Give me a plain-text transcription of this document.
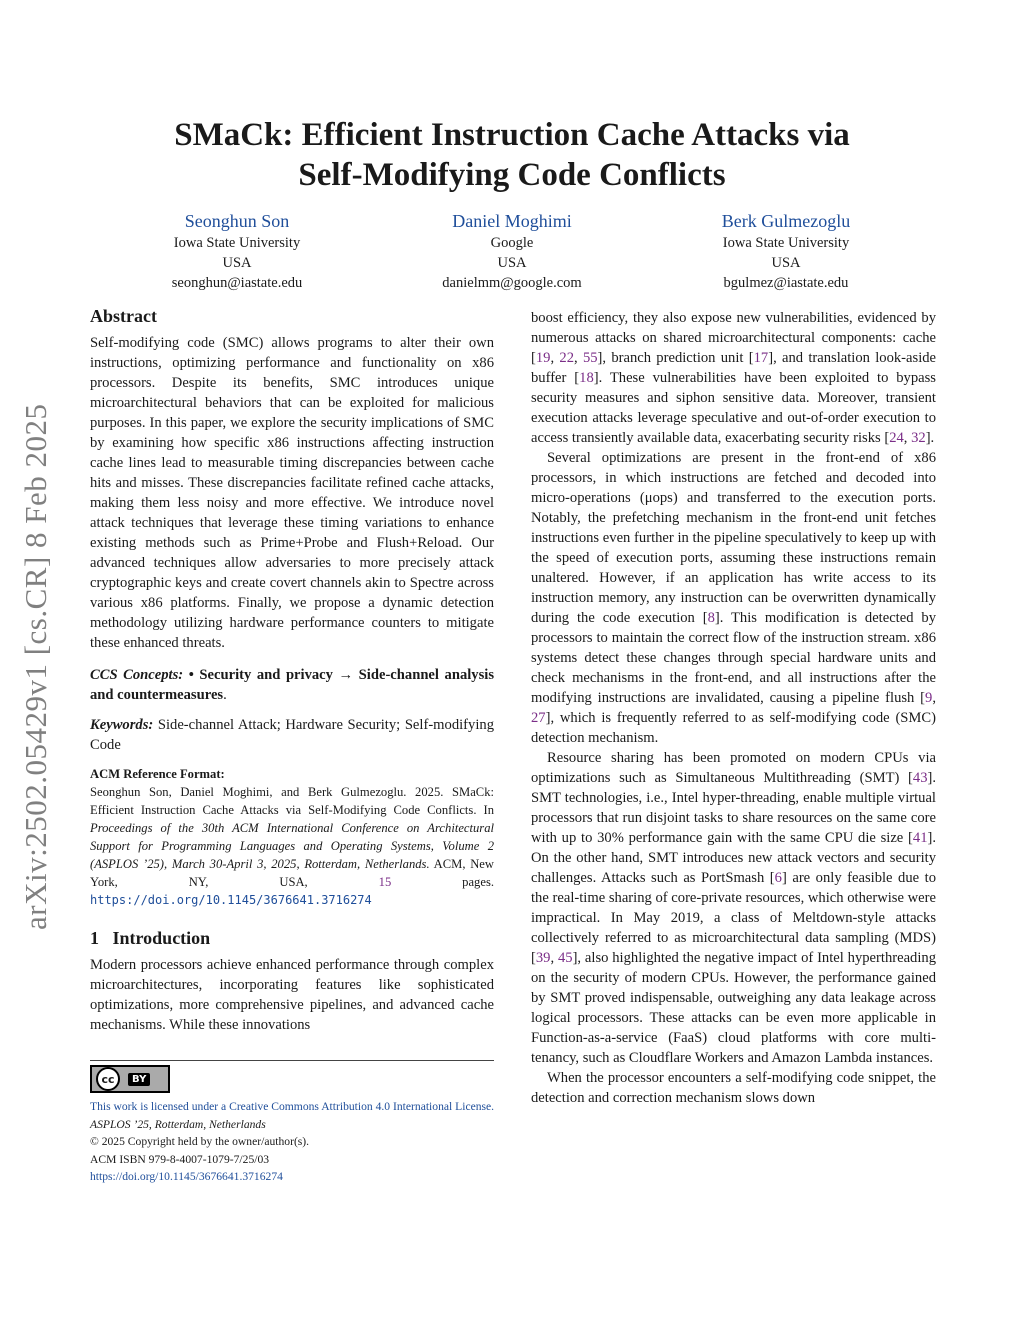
arXiv:2502.05429v1 [cs.CR] 8 Feb 2025
SMaCk: Efficient Instruction Cache Attacks via
Self-Modifying Code Conflicts
Seonghun Son
Iowa State University
USA
seonghun@iastate.edu
Daniel Moghimi
Google
USA
danielmm@google.com
Berk Gulmezoglu
Iowa State University
USA
bgulmez@iastate.edu
Abstract

Self-modifying code (SMC) allows programs to alter their own instructions, optimizing performance and functionality on x86 processors. Despite its benefits, SMC introduces unique microarchitectural behaviors that can be exploited for malicious purposes. In this paper, we explore the security implications of SMC by examining how specific x86 instructions affecting instruction cache lines lead to measurable timing discrepancies between cache hits and misses. These discrepancies facilitate refined cache attacks, making them less noisy and more effective. We introduce novel attack techniques that leverage these timing variations to enhance existing methods such as Prime+Probe and Flush+Reload. Our advanced techniques allow adversaries to more precisely attack cryptographic keys and create covert channels akin to Spectre across various x86 platforms. Finally, we propose a dynamic detection methodology utilizing hardware performance counters to mitigate these enhanced threats.

CCS Concepts: • Security and privacy → Side-channel analysis and countermeasures.

Keywords: Side-channel Attack; Hardware Security; Self-modifying Code

ACM Reference Format:

Seonghun Son, Daniel Moghimi, and Berk Gulmezoglu. 2025. SMaCk: Efficient Instruction Cache Attacks via Self-Modifying Code Conflicts. In Proceedings of the 30th ACM International Conference on Architectural Support for Programming Languages and Operating Systems, Volume 2 (ASPLOS ’25), March 30-April 3, 2025, Rotterdam, Netherlands. ACM, New York, NY, USA, 15 pages. https://doi.org/10.1145/3676641.3716274

1 Introduction

Modern processors achieve enhanced performance through complex microarchitectures, incorporating features like sophisticated optimizations, more comprehensive pipelines, and advanced cache mechanisms. While these innovations

cc	BY
This work is licensed under a Creative Commons Attribution 4.0 International License.
ASPLOS ’25, Rotterdam, Netherlands
© 2025 Copyright held by the owner/author(s).
ACM ISBN 979-8-4007-1079-7/25/03
https://doi.org/10.1145/3676641.3716274

boost efficiency, they also expose new vulnerabilities, evidenced by numerous attacks on shared microarchitectural components: cache [19, 22, 55], branch prediction unit [17], and translation look-aside buffer [18]. These vulnerabilities have been exploited to bypass security measures and siphon sensitive data. Moreover, transient execution attacks leverage speculative and out-of-order execution to access transiently available data, exacerbating security risks [24, 32].

Several optimizations are present in the front-end of x86 processors, in which instructions are fetched and decoded into micro-operations (μops) and transferred to the execution ports. Notably, the prefetching mechanism in the front-end unit fetches instructions even further in the pipeline speculatively to keep up with the speed of execution ports, assuming these instructions remain unaltered. However, if an application has write access to its instruction memory, any instruction can be overwritten dynamically during the code execution [8]. This modification is detected by processors to maintain the correct flow of the instruction stream. x86 systems detect these changes through special hardware units and check mechanisms in the front-end, and all instructions after the modifying instructions are invalidated, causing a pipeline flush [9, 27], which is frequently referred to as self-modifying code (SMC) detection mechanism.

Resource sharing has been promoted on modern CPUs via optimizations such as Simultaneous Multithreading (SMT) [43]. SMT technologies, i.e., Intel hyper-threading, enable multiple virtual processors that run disjoint tasks to share resources on the same core with up to 30% performance gain with the same CPU die size [41]. On the other hand, SMT introduces new attack vectors and security challenges. Attacks such as PortSmash [6] are only feasible due to the real-time sharing of core-private resources, which otherwise were impractical. In May 2019, a class of Meltdown-style attacks collectively referred to as microarchitectural data sampling (MDS) [39, 45], also highlighted the negative impact of Intel hyperthreading on the security of modern CPUs. However, the performance gained by SMT proved indispensable, outweighing any data leakage across logical processors. These attacks can be even more applicable in Function-as-a-service (FaaS) cloud platforms with core multi-tenancy, such as Cloudflare Workers and Amazon Lambda instances.

When the processor encounters a self-modifying code snippet, the detection and correction mechanism slows down
